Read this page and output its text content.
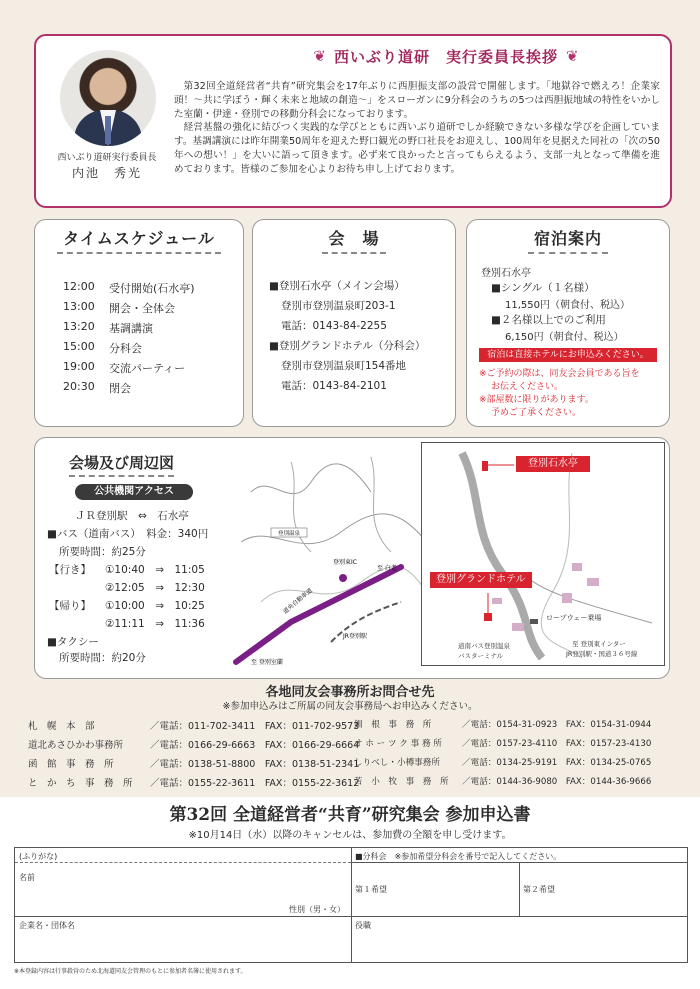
❦ 西いぶり道研　実行委員長挨拶 ❦
西いぶり道研実行委員長
内池　秀光

第32回全道経営者“共育”研究集会を17年ぶりに西胆振支部の設営で開催します。「地獄谷で燃えろ！企業家頭！〜共に学ぼう・輝く未来と地域の創造〜」をスローガンに9分科会のうちの5つは西胆振地域の特性をいかした室蘭・伊達・登別での移動分科会になっております。

経営基盤の強化に結びつく実践的な学びとともに西いぶり道研でしか経験できない多様な学びを企画しています。基調講演には昨年開業50周年を迎えた野口観光の野口社長をお迎えし、100周年を見据えた同社の「次の50年への想い！」を大いに語って頂きます。必ず来て良かったと言ってもらえるよう、支部一丸となって準備を進めております。皆様のご参加を心よりお待ち申し上げております。

タイムスケジュール
12:00	受付開始(石水亭)
13:00	開会・全体会
13:20	基調講演
15:00	分科会
19:00	交流パーティー
20:30	閉会
会　場
■登別石水亭（メイン会場）
登別市登別温泉町203-1
電話：0143-84-2255
■登別グランドホテル（分科会）
登別市登別温泉町154番地
電話：0143-84-2101
宿泊案内
登別石水亭
■シングル（１名様）
11,550円（朝食付、税込）
■２名様以上でのご利用
6,150円（朝食付、税込）
宿泊は直接ホテルにお申込みください。
※ご予約の際は、同友会会員である旨を
お伝えください。
※部屋数に限りがあります。
予めご了承ください。
会場及び周辺図
公共機関アクセス
ＪＲ登別駅　⇔　石水亭
■バス（道南バス）　料金：340円
所要時間：約25分
【行き】 ①10:40　 ⇒　 11:05
②12:05　 ⇒　 12:30
【帰り】 ①10:00　 ⇒　 10:25
②11:11　 ⇒　 11:36
■タクシー
所要時間：約20分
登別温泉
登別東IC
至 白老
道央自動車道
JR登別駅
至 登別室蘭
登別石水亭
登別グランドホテル
ロープウェー乗場
道南バス登別温泉
バスターミナル
至 登別東インター
JR登別駅・国道３６号線
各地同友会事務所お問合せ先
※参加申込みはご所属の同友会事務局へお申込みください。
札　幌　本　部	／電話：011-702-3411　 FAX：011-702-9573
道北あさひかわ事務所	／電話：0166-29-6663　 FAX：0166-29-6664
函　館　事　務　所	／電話：0138-51-8800　 FAX：0138-51-2341
と　か　ち　事　務　所 ／電話：0155-22-3611　 FAX：0155-22-3612
釧　根　事　務　所	／電話：0154-31-0923　 FAX：0154-31-0944
オ ホ ー ツ ク 事 務 所 ／電話：0157-23-4110　 FAX：0157-23-4130
しりべし・小樽事務所	／電話：0134-25-9191　 FAX：0134-25-0765
苫　小　牧　事　務　所 ／電話：0144-36-9080　 FAX：0144-36-9666
第32回 全道経営者“共育”研究集会 参加申込書
※10月14日（水）以降のキャンセルは、参加費の全額を申し受けます。
(ふりがな)
名前
性別（男・女）
■分科会　※参加希望分科会を番号で記入してください。
第１希望	第２希望
企業名・団体名	役職
※本登録内容は行事殺営のため北海道同友会管理のもとに参加者名簿に使用されます。
